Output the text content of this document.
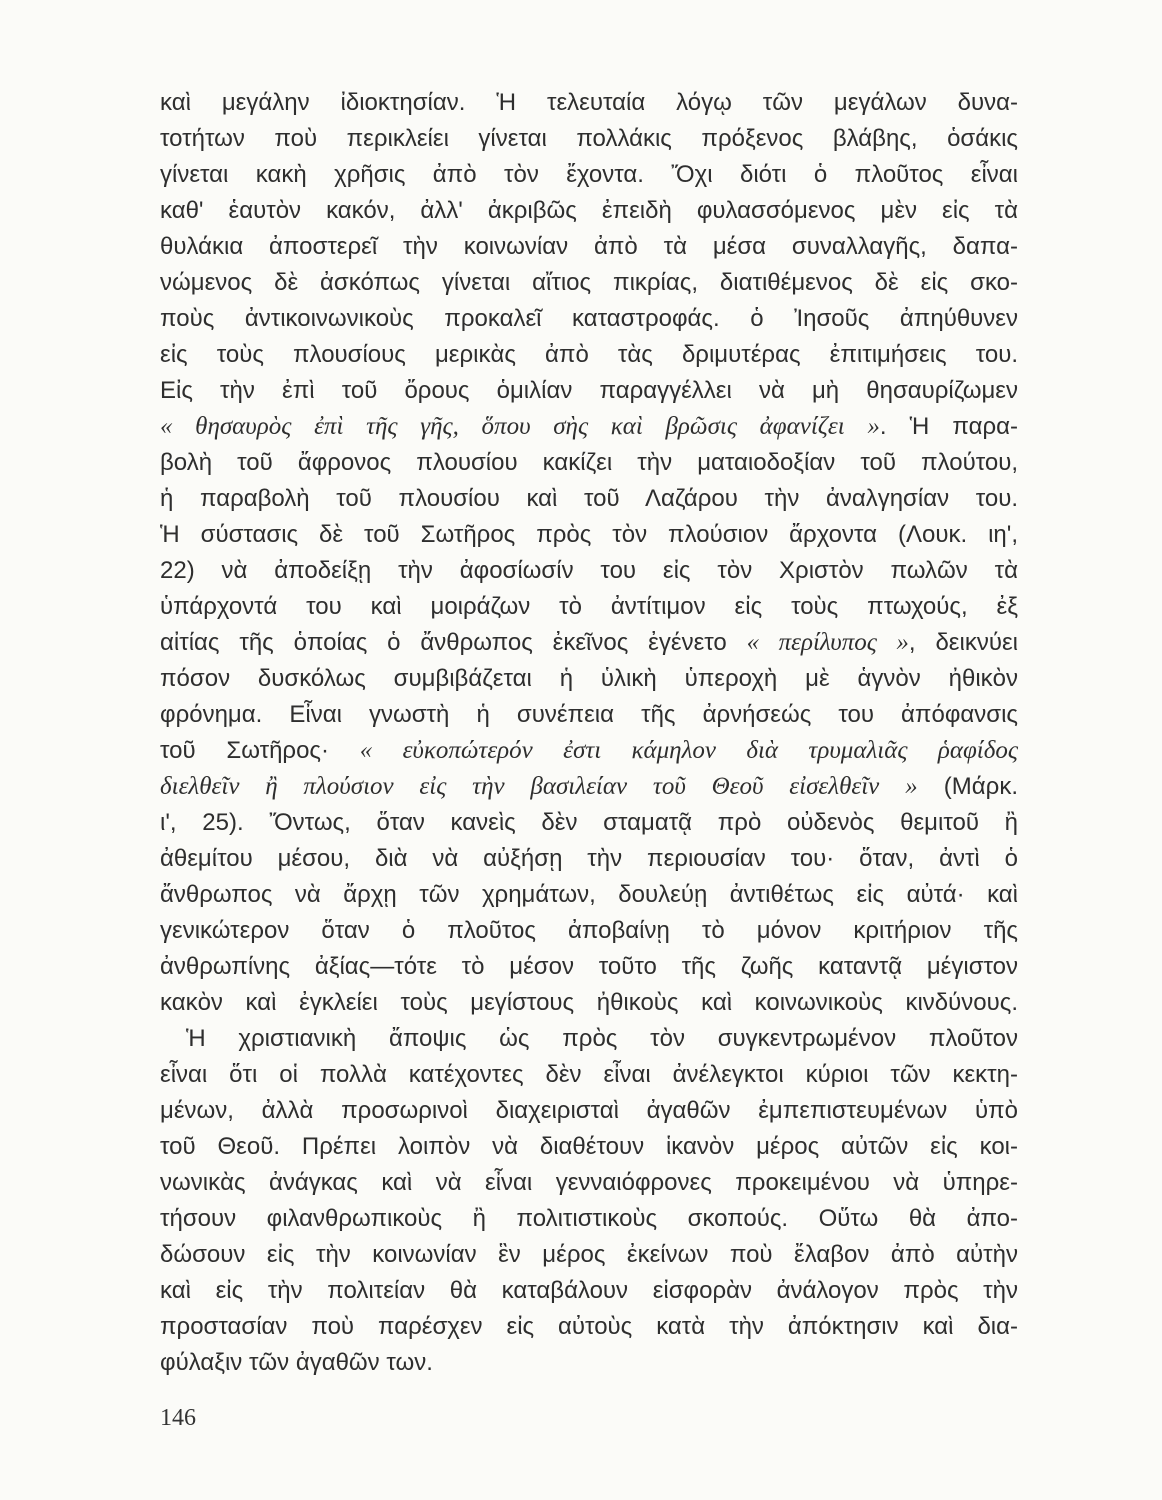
καὶ μεγάλην ἰδιοκτησίαν. Ἡ τελευταία λόγῳ τῶν μεγάλων δυνα-
τοτήτων ποὺ περικλείει γίνεται πολλάκις πρόξενος βλάβης, ὁσάκις
γίνεται κακὴ χρῆσις ἀπὸ τὸν ἔχοντα. Ὄχι διότι ὁ πλοῦτος εἶναι
καθ' ἑαυτὸν κακόν, ἀλλ' ἀκριβῶς ἐπειδὴ φυλασσόμενος μὲν εἰς τὰ
θυλάκια ἀποστερεῖ τὴν κοινωνίαν ἀπὸ τὰ μέσα συναλλαγῆς, δαπα-
νώμενος δὲ ἀσκόπως γίνεται αἴτιος πικρίας, διατιθέμενος δὲ εἰς σκο-
ποὺς ἀντικοινωνικοὺς προκαλεῖ καταστροφάς. ὁ Ἰησοῦς ἀπηύθυνεν
εἰς τοὺς πλουσίους μερικὰς ἀπὸ τὰς δριμυτέρας ἐπιτιμήσεις του.
Εἰς τὴν ἐπὶ τοῦ ὄρους ὁμιλίαν παραγγέλλει νὰ μὴ θησαυρίζωμεν
« θησαυρὸς ἐπὶ τῆς γῆς, ὅπου σὴς καὶ βρῶσις ἀφανίζει ». Ἡ παρα-
βολὴ τοῦ ἄφρονος πλουσίου κακίζει τὴν ματαιοδοξίαν τοῦ πλούτου,
ἡ παραβολὴ τοῦ πλουσίου καὶ τοῦ Λαζάρου τὴν ἀναλγησίαν του.
Ἡ σύστασις δὲ τοῦ Σωτῆρος πρὸς τὸν πλούσιον ἄρχοντα (Λουκ. ιη',
22) νὰ ἀποδείξῃ τὴν ἀφοσίωσίν του εἰς τὸν Χριστὸν πωλῶν τὰ
ὑπάρχοντά του καὶ μοιράζων τὸ ἀντίτιμον εἰς τοὺς πτωχούς, ἐξ
αἰτίας τῆς ὁποίας ὁ ἄνθρωπος ἐκεῖνος ἐγένετο « περίλυπος », δεικνύει
πόσον δυσκόλως συμβιβάζεται ἡ ὑλικὴ ὑπεροχὴ μὲ ἁγνὸν ἠθικὸν
φρόνημα. Εἶναι γνωστὴ ἡ συνέπεια τῆς ἀρνήσεώς του ἀπόφανσις
τοῦ Σωτῆρος· « εὐκοπώτερόν ἐστι κάμηλον διὰ τρυμαλιᾶς ῥαφίδος
διελθεῖν ἢ πλούσιον εἰς τὴν βασιλείαν τοῦ Θεοῦ εἰσελθεῖν » (Μάρκ.
ι', 25). Ὄντως, ὅταν κανεὶς δὲν σταματᾷ πρὸ οὐδενὸς θεμιτοῦ ἢ
ἀθεμίτου μέσου, διὰ νὰ αὐξήσῃ τὴν περιουσίαν του· ὅταν, ἀντὶ ὁ
ἄνθρωπος νὰ ἄρχῃ τῶν χρημάτων, δουλεύῃ ἀντιθέτως εἰς αὐτά· καὶ
γενικώτερον ὅταν ὁ πλοῦτος ἀποβαίνῃ τὸ μόνον κριτήριον τῆς
ἀνθρωπίνης ἀξίας—τότε τὸ μέσον τοῦτο τῆς ζωῆς καταντᾷ μέγιστον
κακὸν καὶ ἐγκλείει τοὺς μεγίστους ἠθικοὺς καὶ κοινωνικοὺς κινδύνους.
Ἡ χριστιανικὴ ἄποψις ὡς πρὸς τὸν συγκεντρωμένον πλοῦτον
εἶναι ὅτι οἱ πολλὰ κατέχοντες δὲν εἶναι ἀνέλεγκτοι κύριοι τῶν κεκτη-
μένων, ἀλλὰ προσωρινοὶ διαχειρισταὶ ἀγαθῶν ἐμπεπιστευμένων ὑπὸ
τοῦ Θεοῦ. Πρέπει λοιπὸν νὰ διαθέτουν ἱκανὸν μέρος αὐτῶν εἰς κοι-
νωνικὰς ἀνάγκας καὶ νὰ εἶναι γενναιόφρονες προκειμένου νὰ ὑπηρε-
τήσουν φιλανθρωπικοὺς ἢ πολιτιστικοὺς σκοπούς. Οὕτω θὰ ἀπο-
δώσουν εἰς τὴν κοινωνίαν ἓν μέρος ἐκείνων ποὺ ἔλαβον ἀπὸ αὐτὴν
καὶ εἰς τὴν πολιτείαν θὰ καταβάλουν εἰσφορὰν ἀνάλογον πρὸς τὴν
προστασίαν ποὺ παρέσχεν εἰς αὐτοὺς κατὰ τὴν ἀπόκτησιν καὶ δια-
φύλαξιν τῶν ἀγαθῶν των.
146
